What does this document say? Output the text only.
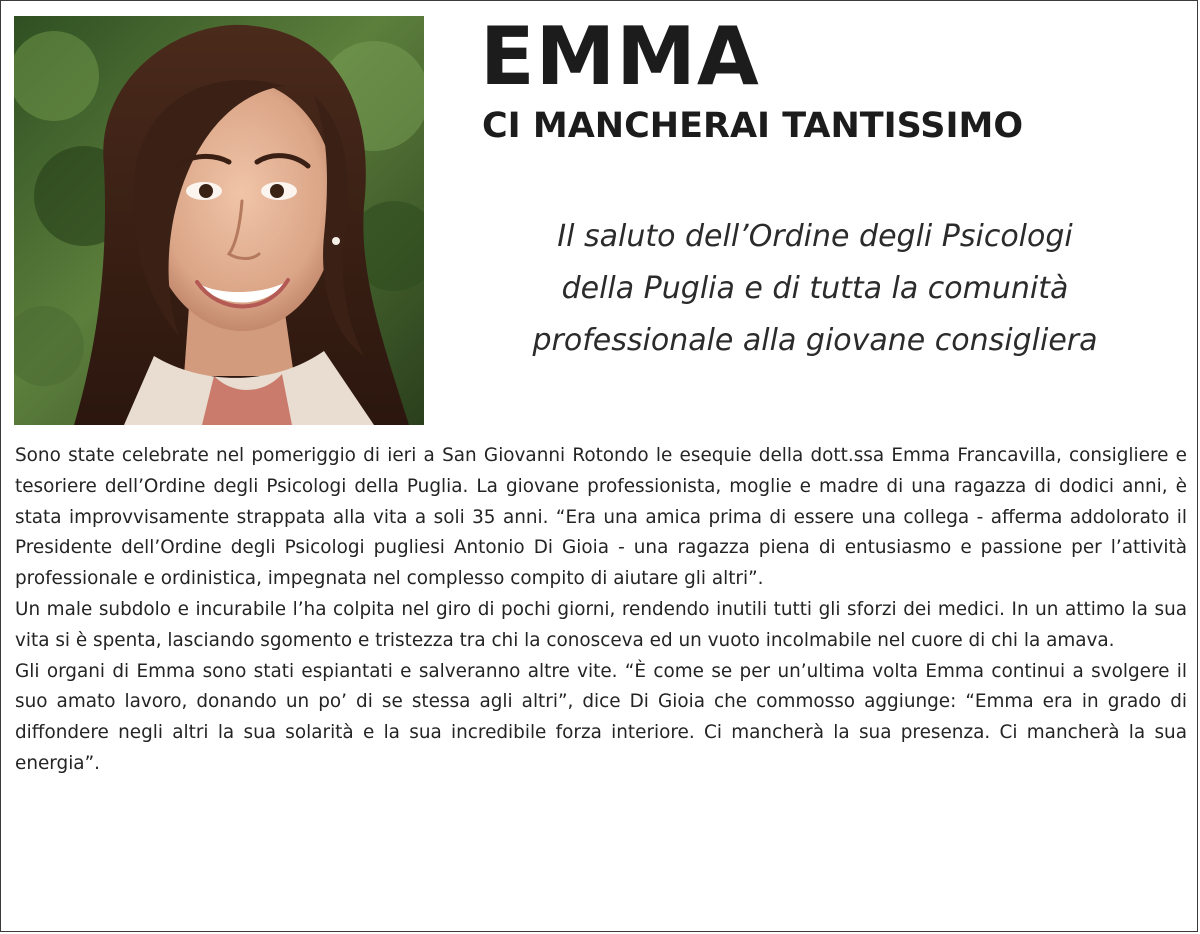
EMMA
CI MANCHERAI TANTISSIMO
Il saluto dell’Ordine degli Psicologi
della Puglia e di tutta la comunità
professionale alla giovane consigliera

Sono state celebrate nel pomeriggio di ieri a San Giovanni Rotondo le esequie della dott.ssa Emma Francavilla, consigliere e tesoriere dell’Ordine degli Psicologi della Puglia. La giovane professionista, moglie e madre di una ragazza di dodici anni, è stata improvvisamente strappata alla vita a soli 35 anni. “Era una amica prima di essere una collega - afferma addolorato il Presidente dell’Ordine degli Psicologi pugliesi Antonio Di Gioia - una ragazza piena di entusiasmo e passione per l’attività professionale e ordinistica, impegnata nel complesso compito di aiutare gli altri”.

Un male subdolo e incurabile l’ha colpita nel giro di pochi giorni, rendendo inutili tutti gli sforzi dei medici. In un attimo la sua vita si è spenta, lasciando sgomento e tristezza tra chi la conosceva ed un vuoto incolmabile nel cuore di chi la amava.

Gli organi di Emma sono stati espiantati e salveranno altre vite. “È come se per un’ultima volta Emma continui a svolgere il suo amato lavoro, donando un po’ di se stessa agli altri”, dice Di Gioia che commosso aggiunge: “Emma era in grado di diffondere negli altri la sua solarità e la sua incredibile forza interiore. Ci mancherà la sua presenza. Ci mancherà la sua energia”.
